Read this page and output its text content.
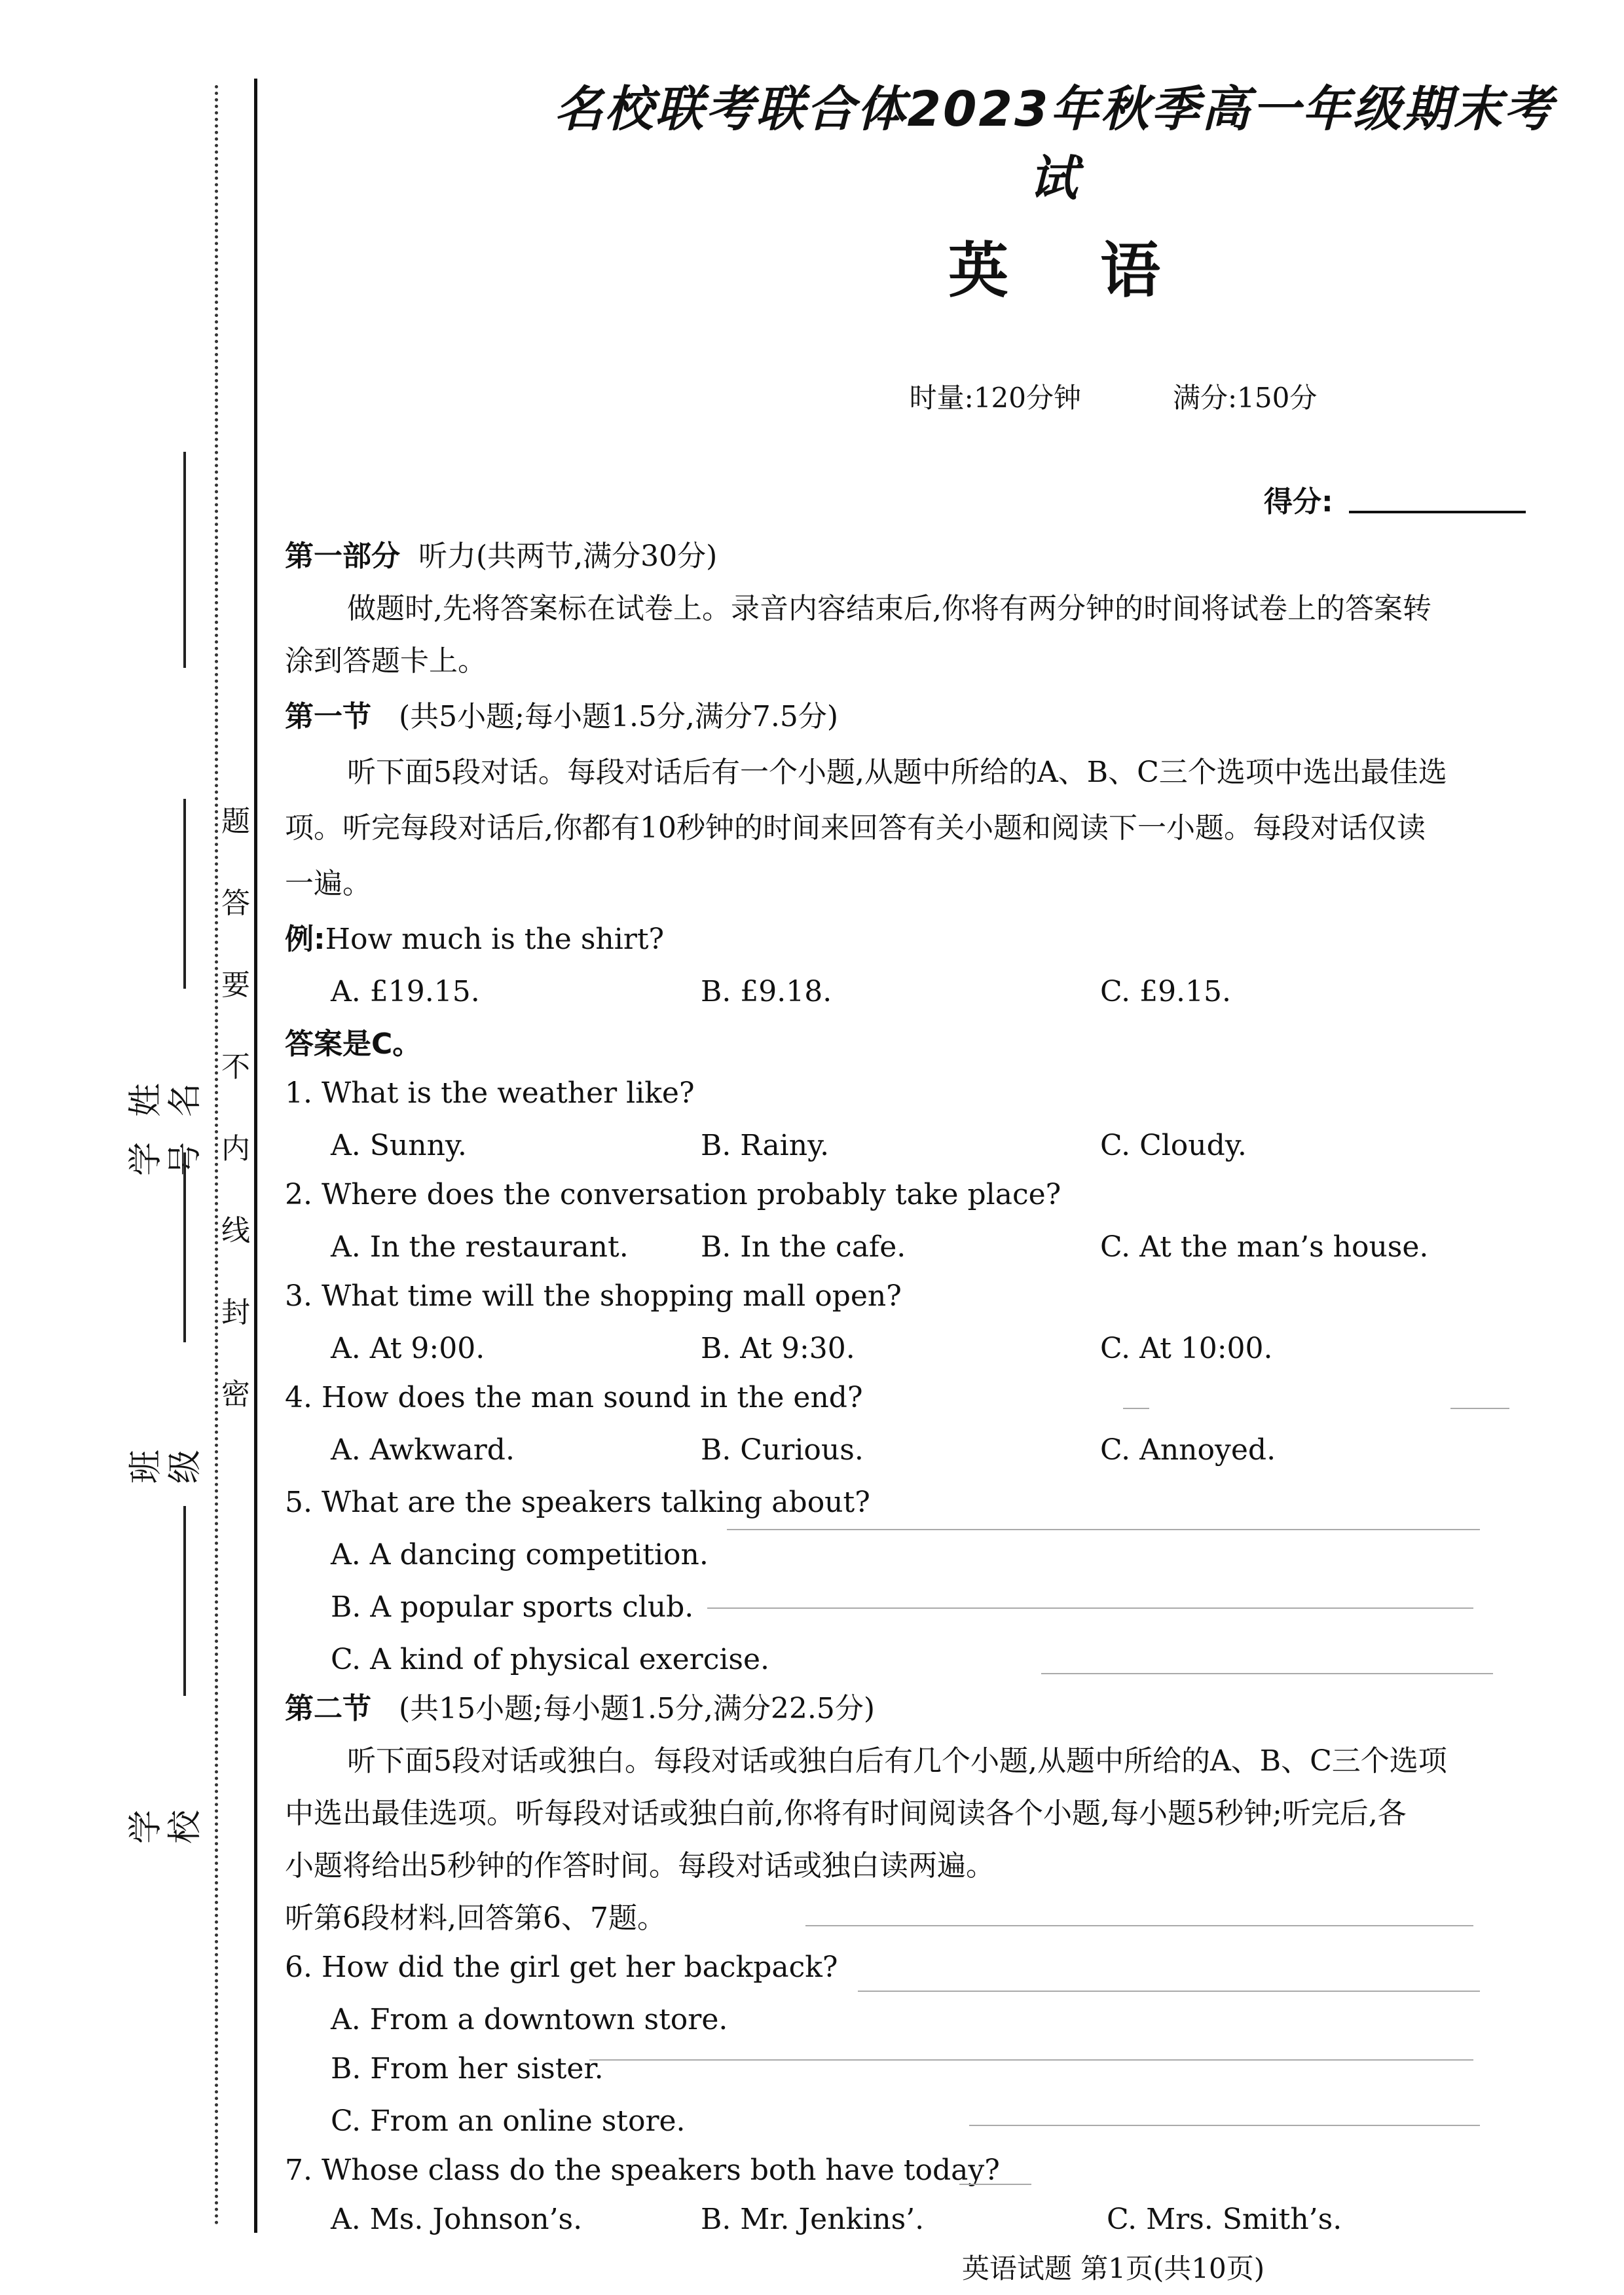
题
答
要
不
内
线
封
密
学 号
姓 名
班 级
学 校
名校联考联合体2023年秋季高一年级期末考试
英 语
时量:120分钟	满分:150分
得分:
第一部分 听力(共两节,满分30分)
做题时,先将答案标在试卷上。录音内容结束后,你将有两分钟的时间将试卷上的答案转
涂到答题卡上。
第一节 (共5小题;每小题1.5分,满分7.5分)
听下面5段对话。每段对话后有一个小题,从题中所给的A、B、C三个选项中选出最佳选
项。听完每段对话后,你都有10秒钟的时间来回答有关小题和阅读下一小题。每段对话仅读
一遍。
例:How much is the shirt?
A. £19.15.	B. £9.18.	C. £9.15.
答案是C。
1. What is the weather like?
A. Sunny.	B. Rainy.	C. Cloudy.
2. Where does the conversation probably take place?
A. In the restaurant.	B. In the cafe.	C. At the man’s house.
3. What time will the shopping mall open?
A. At 9:00.	B. At 9:30.	C. At 10:00.
4. How does the man sound in the end?
A. Awkward.	B. Curious.	C. Annoyed.
5. What are the speakers talking about?
A. A dancing competition.
B. A popular sports club.
C. A kind of physical exercise.
第二节 (共15小题;每小题1.5分,满分22.5分)
听下面5段对话或独白。每段对话或独白后有几个小题,从题中所给的A、B、C三个选项
中选出最佳选项。听每段对话或独白前,你将有时间阅读各个小题,每小题5秒钟;听完后,各
小题将给出5秒钟的作答时间。每段对话或独白读两遍。
听第6段材料,回答第6、7题。
6. How did the girl get her backpack?
A. From a downtown store.
B. From her sister.
C. From an online store.
7. Whose class do the speakers both have today?
A. Ms. Johnson’s.	B. Mr. Jenkins’.	C. Mrs. Smith’s.
英语试题 第1页(共10页)
